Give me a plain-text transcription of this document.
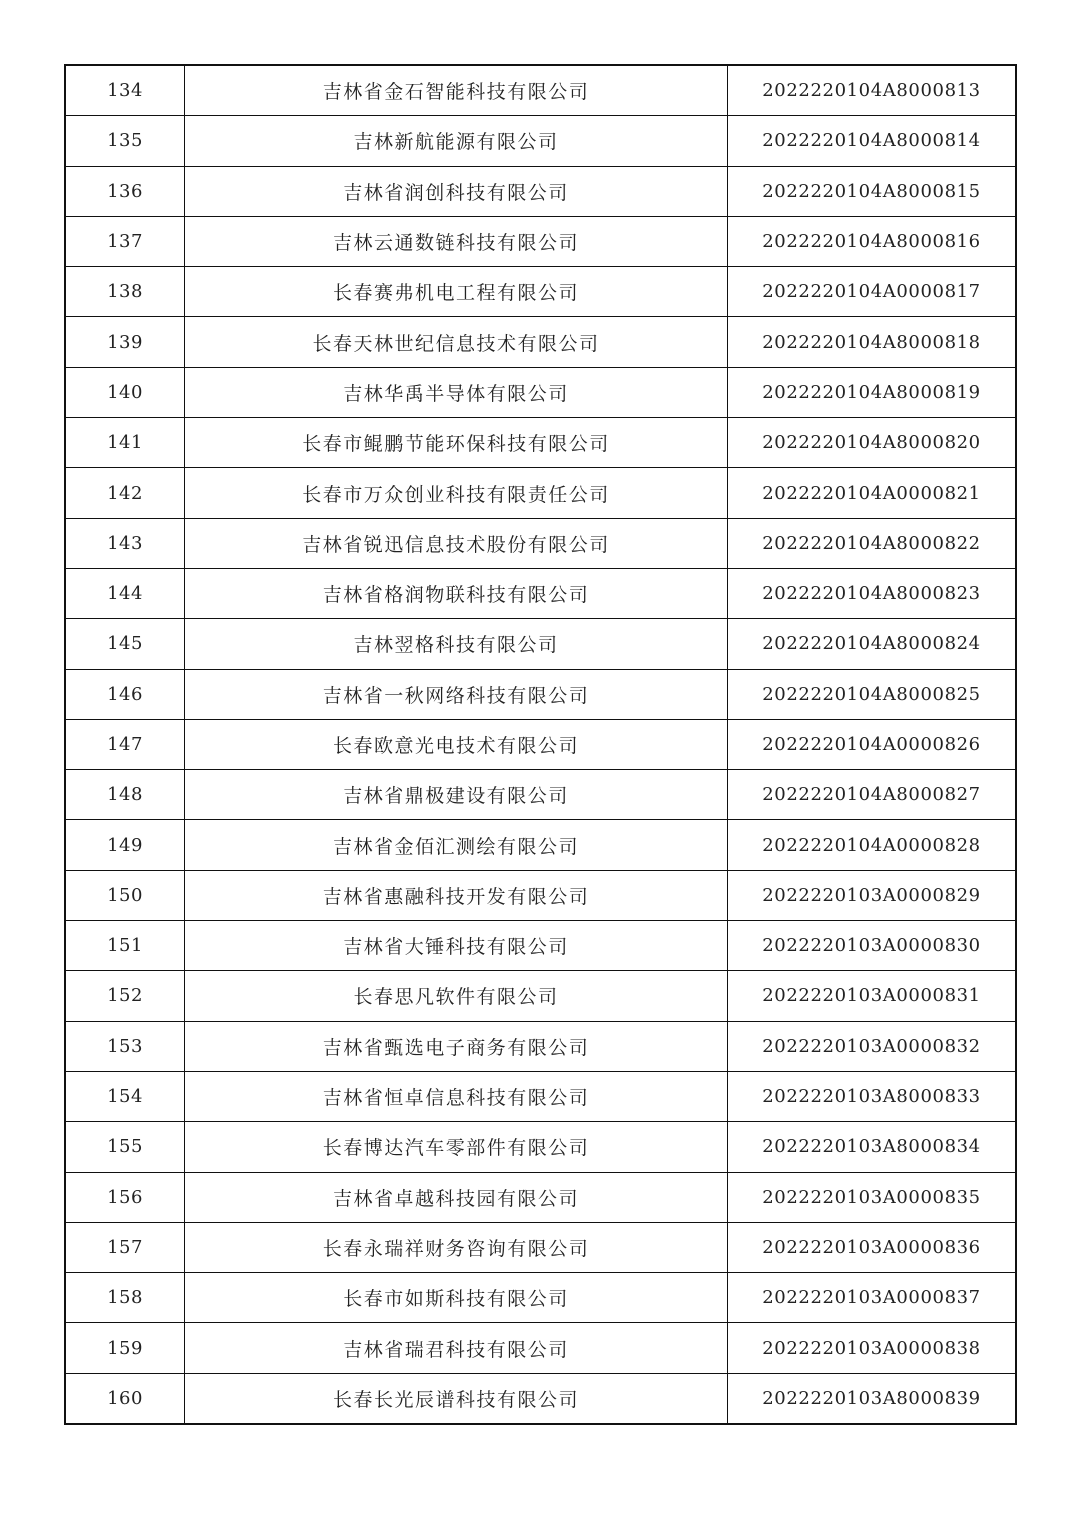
134	吉林省金石智能科技有限公司	2022220104A8000813
135	吉林新航能源有限公司	2022220104A8000814
136	吉林省润创科技有限公司	2022220104A8000815
137	吉林云通数链科技有限公司	2022220104A8000816
138	长春赛弗机电工程有限公司	2022220104A0000817
139	长春天林世纪信息技术有限公司	2022220104A8000818
140	吉林华禹半导体有限公司	2022220104A8000819
141	长春市鲲鹏节能环保科技有限公司	2022220104A8000820
142	长春市万众创业科技有限责任公司	2022220104A0000821
143	吉林省锐迅信息技术股份有限公司	2022220104A8000822
144	吉林省格润物联科技有限公司	2022220104A8000823
145	吉林翌格科技有限公司	2022220104A8000824
146	吉林省一秋网络科技有限公司	2022220104A8000825
147	长春欧意光电技术有限公司	2022220104A0000826
148	吉林省鼎极建设有限公司	2022220104A8000827
149	吉林省金佰汇测绘有限公司	2022220104A0000828
150	吉林省惠融科技开发有限公司	2022220103A0000829
151	吉林省大锤科技有限公司	2022220103A0000830
152	长春思凡软件有限公司	2022220103A0000831
153	吉林省甄选电子商务有限公司	2022220103A0000832
154	吉林省恒卓信息科技有限公司	2022220103A8000833
155	长春博达汽车零部件有限公司	2022220103A8000834
156	吉林省卓越科技园有限公司	2022220103A0000835
157	长春永瑞祥财务咨询有限公司	2022220103A0000836
158	长春市如斯科技有限公司	2022220103A0000837
159	吉林省瑞君科技有限公司	2022220103A0000838
160	长春长光辰谱科技有限公司	2022220103A8000839
